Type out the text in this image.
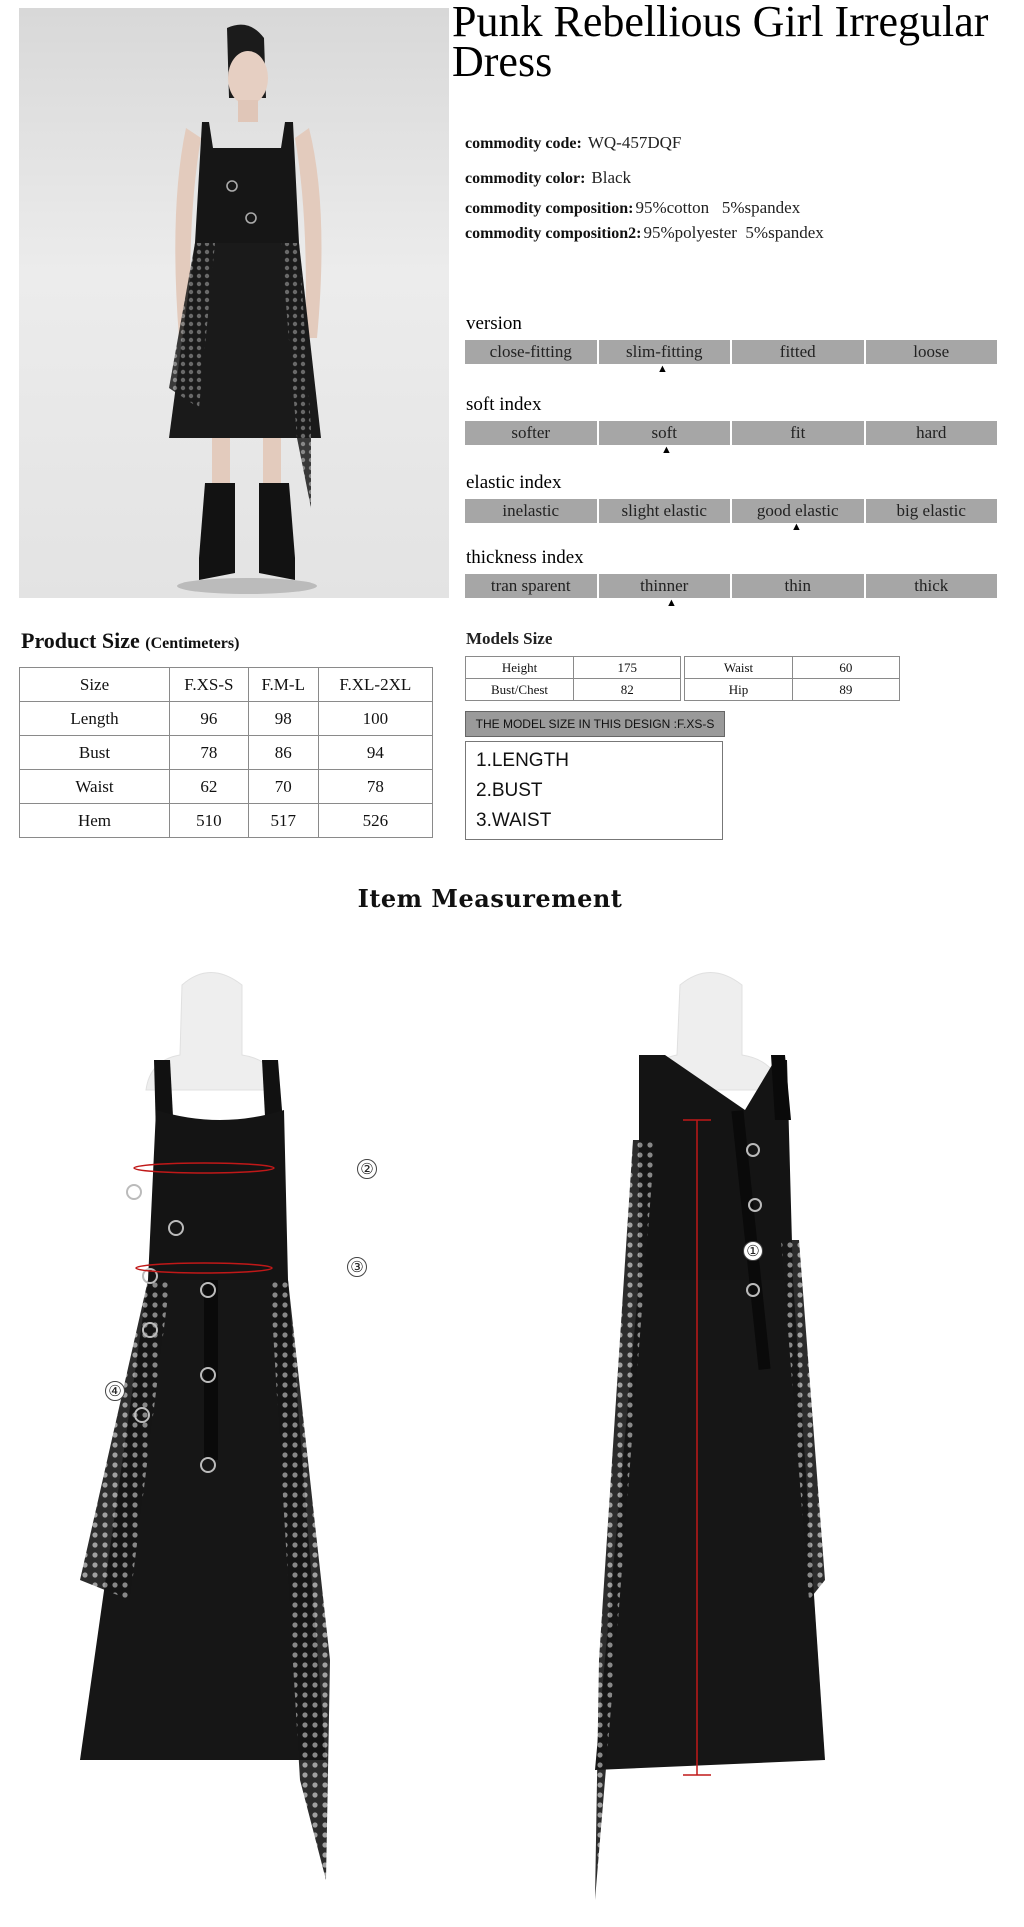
Punk Rebellious Girl Irregular Dress
commodity code: WQ-457DQF
commodity color: Black
commodity composition: 95%cotton   5%spandex
commodity composition2: 95%polyester  5%spandex
version
close-fitting	slim-fitting	fitted	loose
▲
soft index
softer	soft	fit	hard
▲
elastic index
inelastic	slight elastic	good elastic	big elastic
▲
thickness index
tran sparent	thinner	thin	thick
▲
Product Size (Centimeters)
Size	F.XS-S	F.M-L	F.XL-2XL
Length	96	98	100
Bust	78	86	94
Waist	62	70	78
Hem	510	517	526
Models Size
Height	175		Waist	60
Bust/Chest	82		Hip	89
THE MODEL SIZE IN THIS DESIGN :F.XS-S
1.LENGTH
2.BUST
3.WAIST
Item Measurement
②
③
④
①
